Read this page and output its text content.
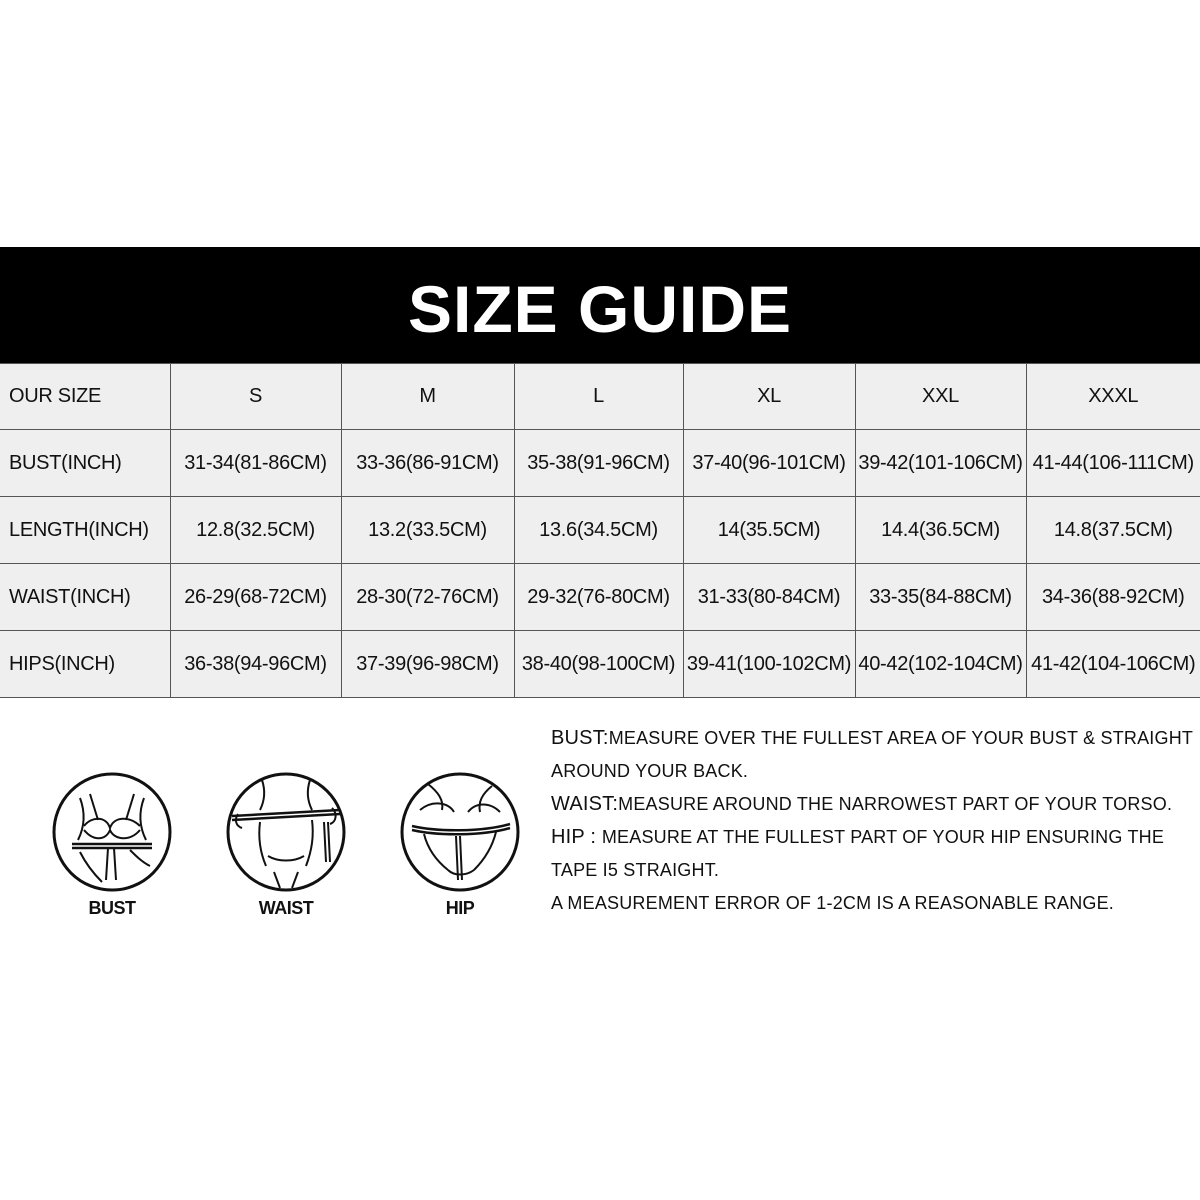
SIZE GUIDE
OUR SIZE	S	M	L	XL	XXL	XXXL
BUST(INCH)	31-34(81-86CM)	33-36(86-91CM)	35-38(91-96CM)	37-40(96-101CM)	39-42(101-106CM)	41-44(106-111CM)
LENGTH(INCH)	12.8(32.5CM)	13.2(33.5CM)	13.6(34.5CM)	14(35.5CM)	14.4(36.5CM)	14.8(37.5CM)
WAIST(INCH)	26-29(68-72CM)	28-30(72-76CM)	29-32(76-80CM)	31-33(80-84CM)	33-35(84-88CM)	34-36(88-92CM)
HIPS(INCH)	36-38(94-96CM)	37-39(96-98CM)	38-40(98-100CM)	39-41(100-102CM)	40-42(102-104CM)	41-42(104-106CM)
BUST	WAIST	HIP

BUST:MEASURE OVER THE FULLEST AREA OF YOUR BUST & STRAIGHT AROUND YOUR BACK.

WAIST:MEASURE AROUND THE NARROWEST PART OF YOUR TORSO.

HIP : MEASURE AT THE FULLEST PART OF YOUR HIP ENSURING THE TAPE I5 STRAIGHT.

A MEASUREMENT ERROR OF 1-2CM IS A REASONABLE RANGE.
